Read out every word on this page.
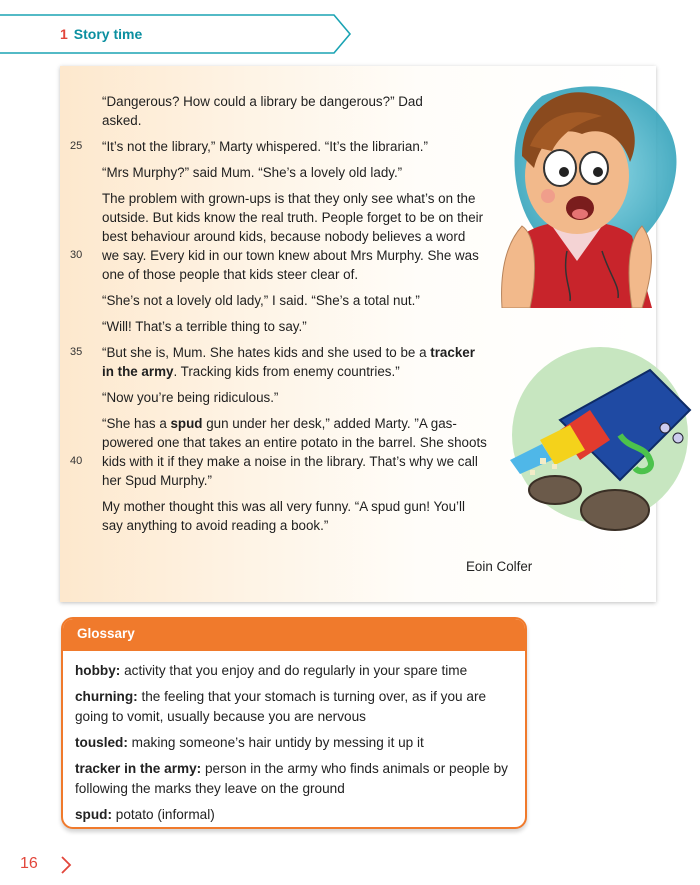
1 Story time
“Dangerous? How could a library be dangerous?” Dad asked.
25	“It’s not the library,” Marty whispered. “It’s the librarian.”
“Mrs Murphy?” said Mum. “She’s a lovely old lady.”
30
The problem with grown-ups is that they only see what’s on the outside. But kids know the real truth. People forget to be on their best behaviour around kids, because nobody believes a word we say. Every kid in our town knew about Mrs Murphy. She was one of those people that kids steer clear of.
“She’s not a lovely old lady,” I said. “She’s a total nut.”
“Will! That’s a terrible thing to say.”
35	“But she is, Mum. She hates kids and she used to be a tracker in the army. Tracking kids from enemy countries.”
“Now you’re being ridiculous.”
40
“She has a spud gun under her desk,” added Marty. ”A gas-powered one that takes an entire potato in the barrel. She shoots kids with it if they make a noise in the library. That’s why we call her Spud Murphy.”
My mother thought this was all very funny. “A spud gun! You’ll say anything to avoid reading a book.”
Eoin Colfer
Glossary
hobby: activity that you enjoy and do regularly in your spare time
churning: the feeling that your stomach is turning over, as if you are going to vomit, usually because you are nervous
tousled: making someone’s hair untidy by messing it up it
tracker in the army: person in the army who finds animals or people by following the marks they leave on the ground
spud: potato (informal)
16
